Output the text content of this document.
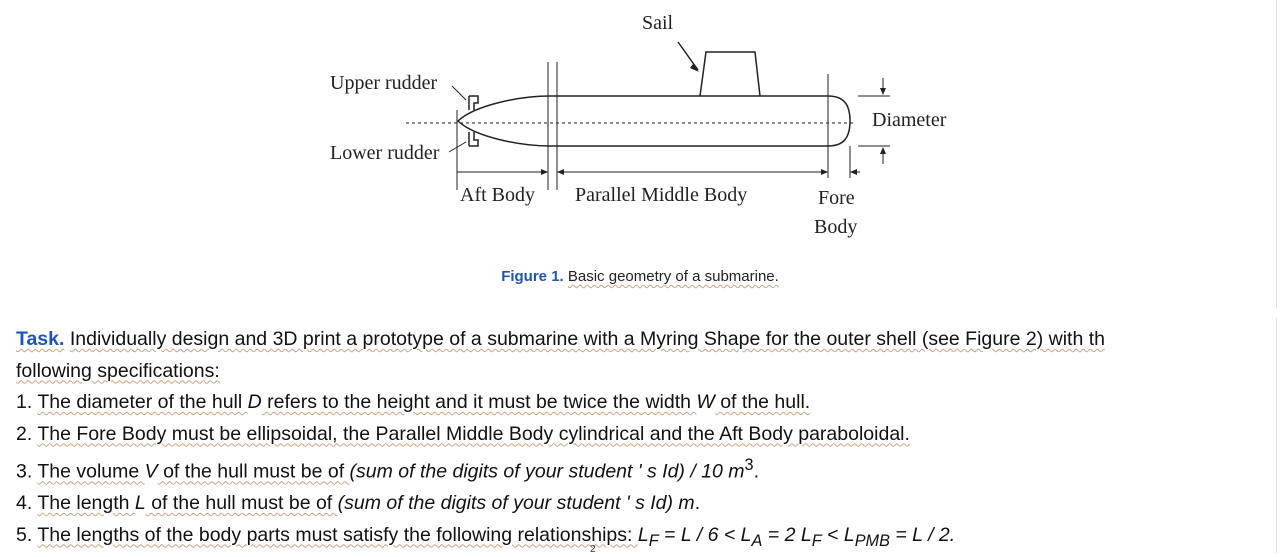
Sail
Upper rudder
Lower rudder
Diameter
Aft Body Parallel Middle Body	Fore
Body
Figure 1. Basic geometry of a submarine.

Task. Individually design and 3D print a prototype of a submarine with a Myring Shape for the outer shell (see Figure 2) with th

following specifications:

1. The diameter of the hull D refers to the height and it must be twice the width W of the hull.

2. The Fore Body must be ellipsoidal, the Parallel Middle Body cylindrical and the Aft Body paraboloidal.

3. The volume V of the hull must be of (sum of the digits of your student ' s Id) / 10 $m^3$.

4. The length L of the hull must be of (sum of the digits of your student ' s Id) m.

5. The lengths of the body parts must satisfy the following relationships: $L_F = L / 6 < L_A = 2$ $L_F < L_{PMB} = L / 2$.

2
